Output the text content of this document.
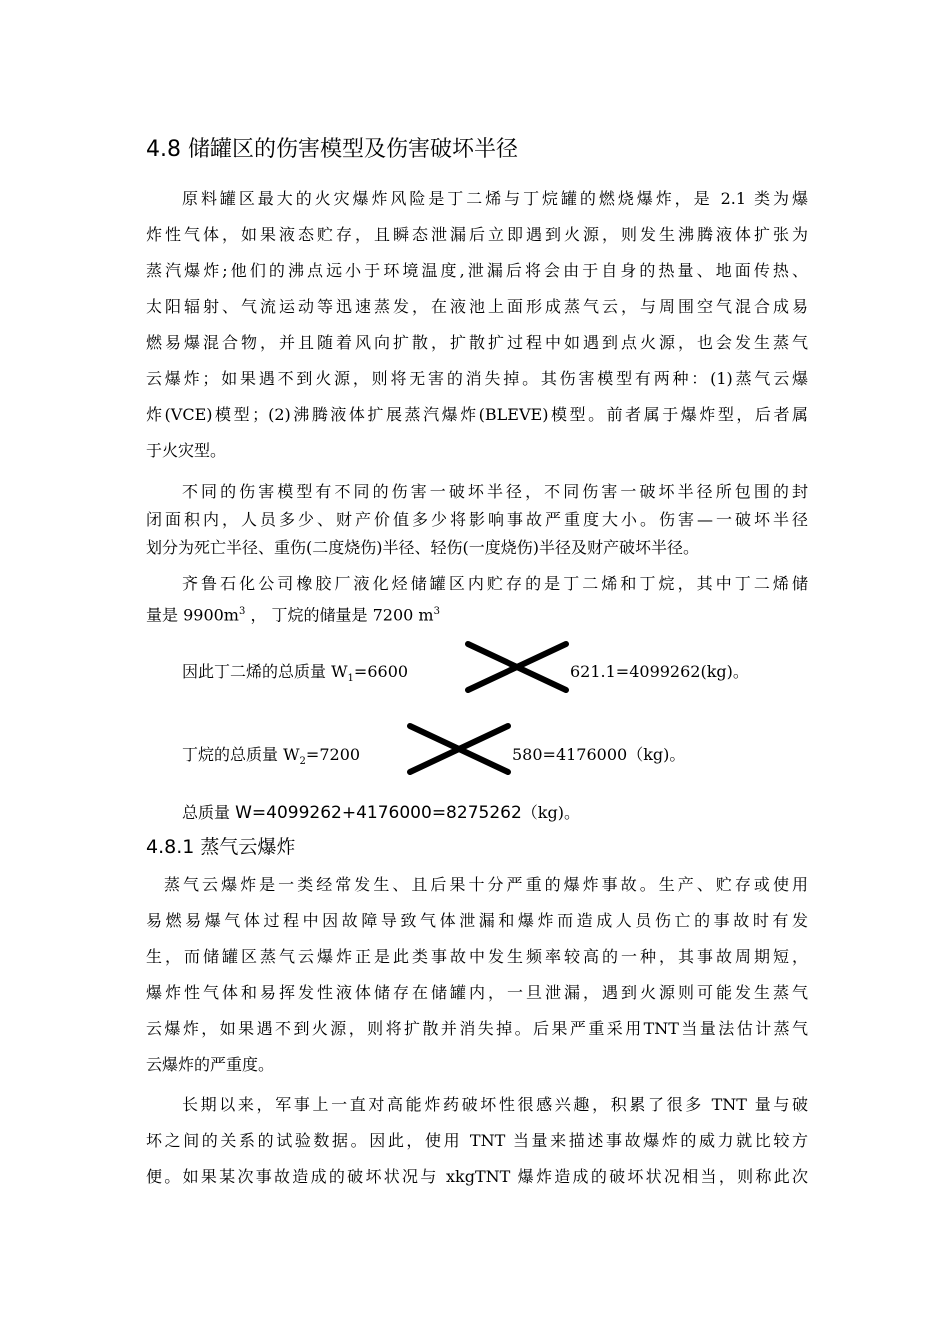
4.8 储罐区的伤害模型及伤害破坏半径
原料罐区最大的火灾爆炸风险是丁二烯与丁烷罐的燃烧爆炸，是 2.1 类为爆
炸性气体，如果液态贮存，且瞬态泄漏后立即遇到火源，则发生沸腾液体扩张为
蒸汽爆炸;他们的沸点远小于环境温度,泄漏后将会由于自身的热量、地面传热、
太阳辐射、气流运动等迅速蒸发，在液池上面形成蒸气云，与周围空气混合成易
燃易爆混合物，并且随着风向扩散，扩散扩过程中如遇到点火源，也会发生蒸气
云爆炸；如果遇不到火源，则将无害的消失掉。其伤害模型有两种：(1)蒸气云爆
炸(VCE)模型；(2)沸腾液体扩展蒸汽爆炸(BLEVE)模型。前者属于爆炸型，后者属
于火灾型。
不同的伤害模型有不同的伤害一破坏半径，不同伤害一破坏半径所包围的封
闭面积内，人员多少、财产价值多少将影响事故严重度大小。伤害—一破坏半径
划分为死亡半径、重伤(二度烧伤)半径、轻伤(一度烧伤)半径及财产破坏半径。
齐鲁石化公司橡胶厂液化烃储罐区内贮存的是丁二烯和丁烷，其中丁二烯储
量是 $9900m^3$ ， 丁烷的储量是 7200 $m^3$
因此丁二烯的总质量 $W_1=6600$	621.1=4099262(kg)。
丁烷的总质量 $W_2=7200$	580=4176000（kg)。
总质量 W=4099262+4176000=8275262（kg)。
4.8.1 蒸气云爆炸
蒸气云爆炸是一类经常发生、且后果十分严重的爆炸事故。生产、贮存或使用
易燃易爆气体过程中因故障导致气体泄漏和爆炸而造成人员伤亡的事故时有发
生，而储罐区蒸气云爆炸正是此类事故中发生频率较高的一种，其事故周期短，
爆炸性气体和易挥发性液体储存在储罐内，一旦泄漏，遇到火源则可能发生蒸气
云爆炸，如果遇不到火源，则将扩散并消失掉。后果严重采用TNT当量法估计蒸气
云爆炸的严重度。
长期以来，军事上一直对高能炸药破坏性很感兴趣，积累了很多 TNT 量与破
坏之间的关系的试验数据。因此，使用 TNT 当量来描述事故爆炸的威力就比较方
便。如果某次事故造成的破坏状况与 xkgTNT 爆炸造成的破坏状况相当，则称此次
